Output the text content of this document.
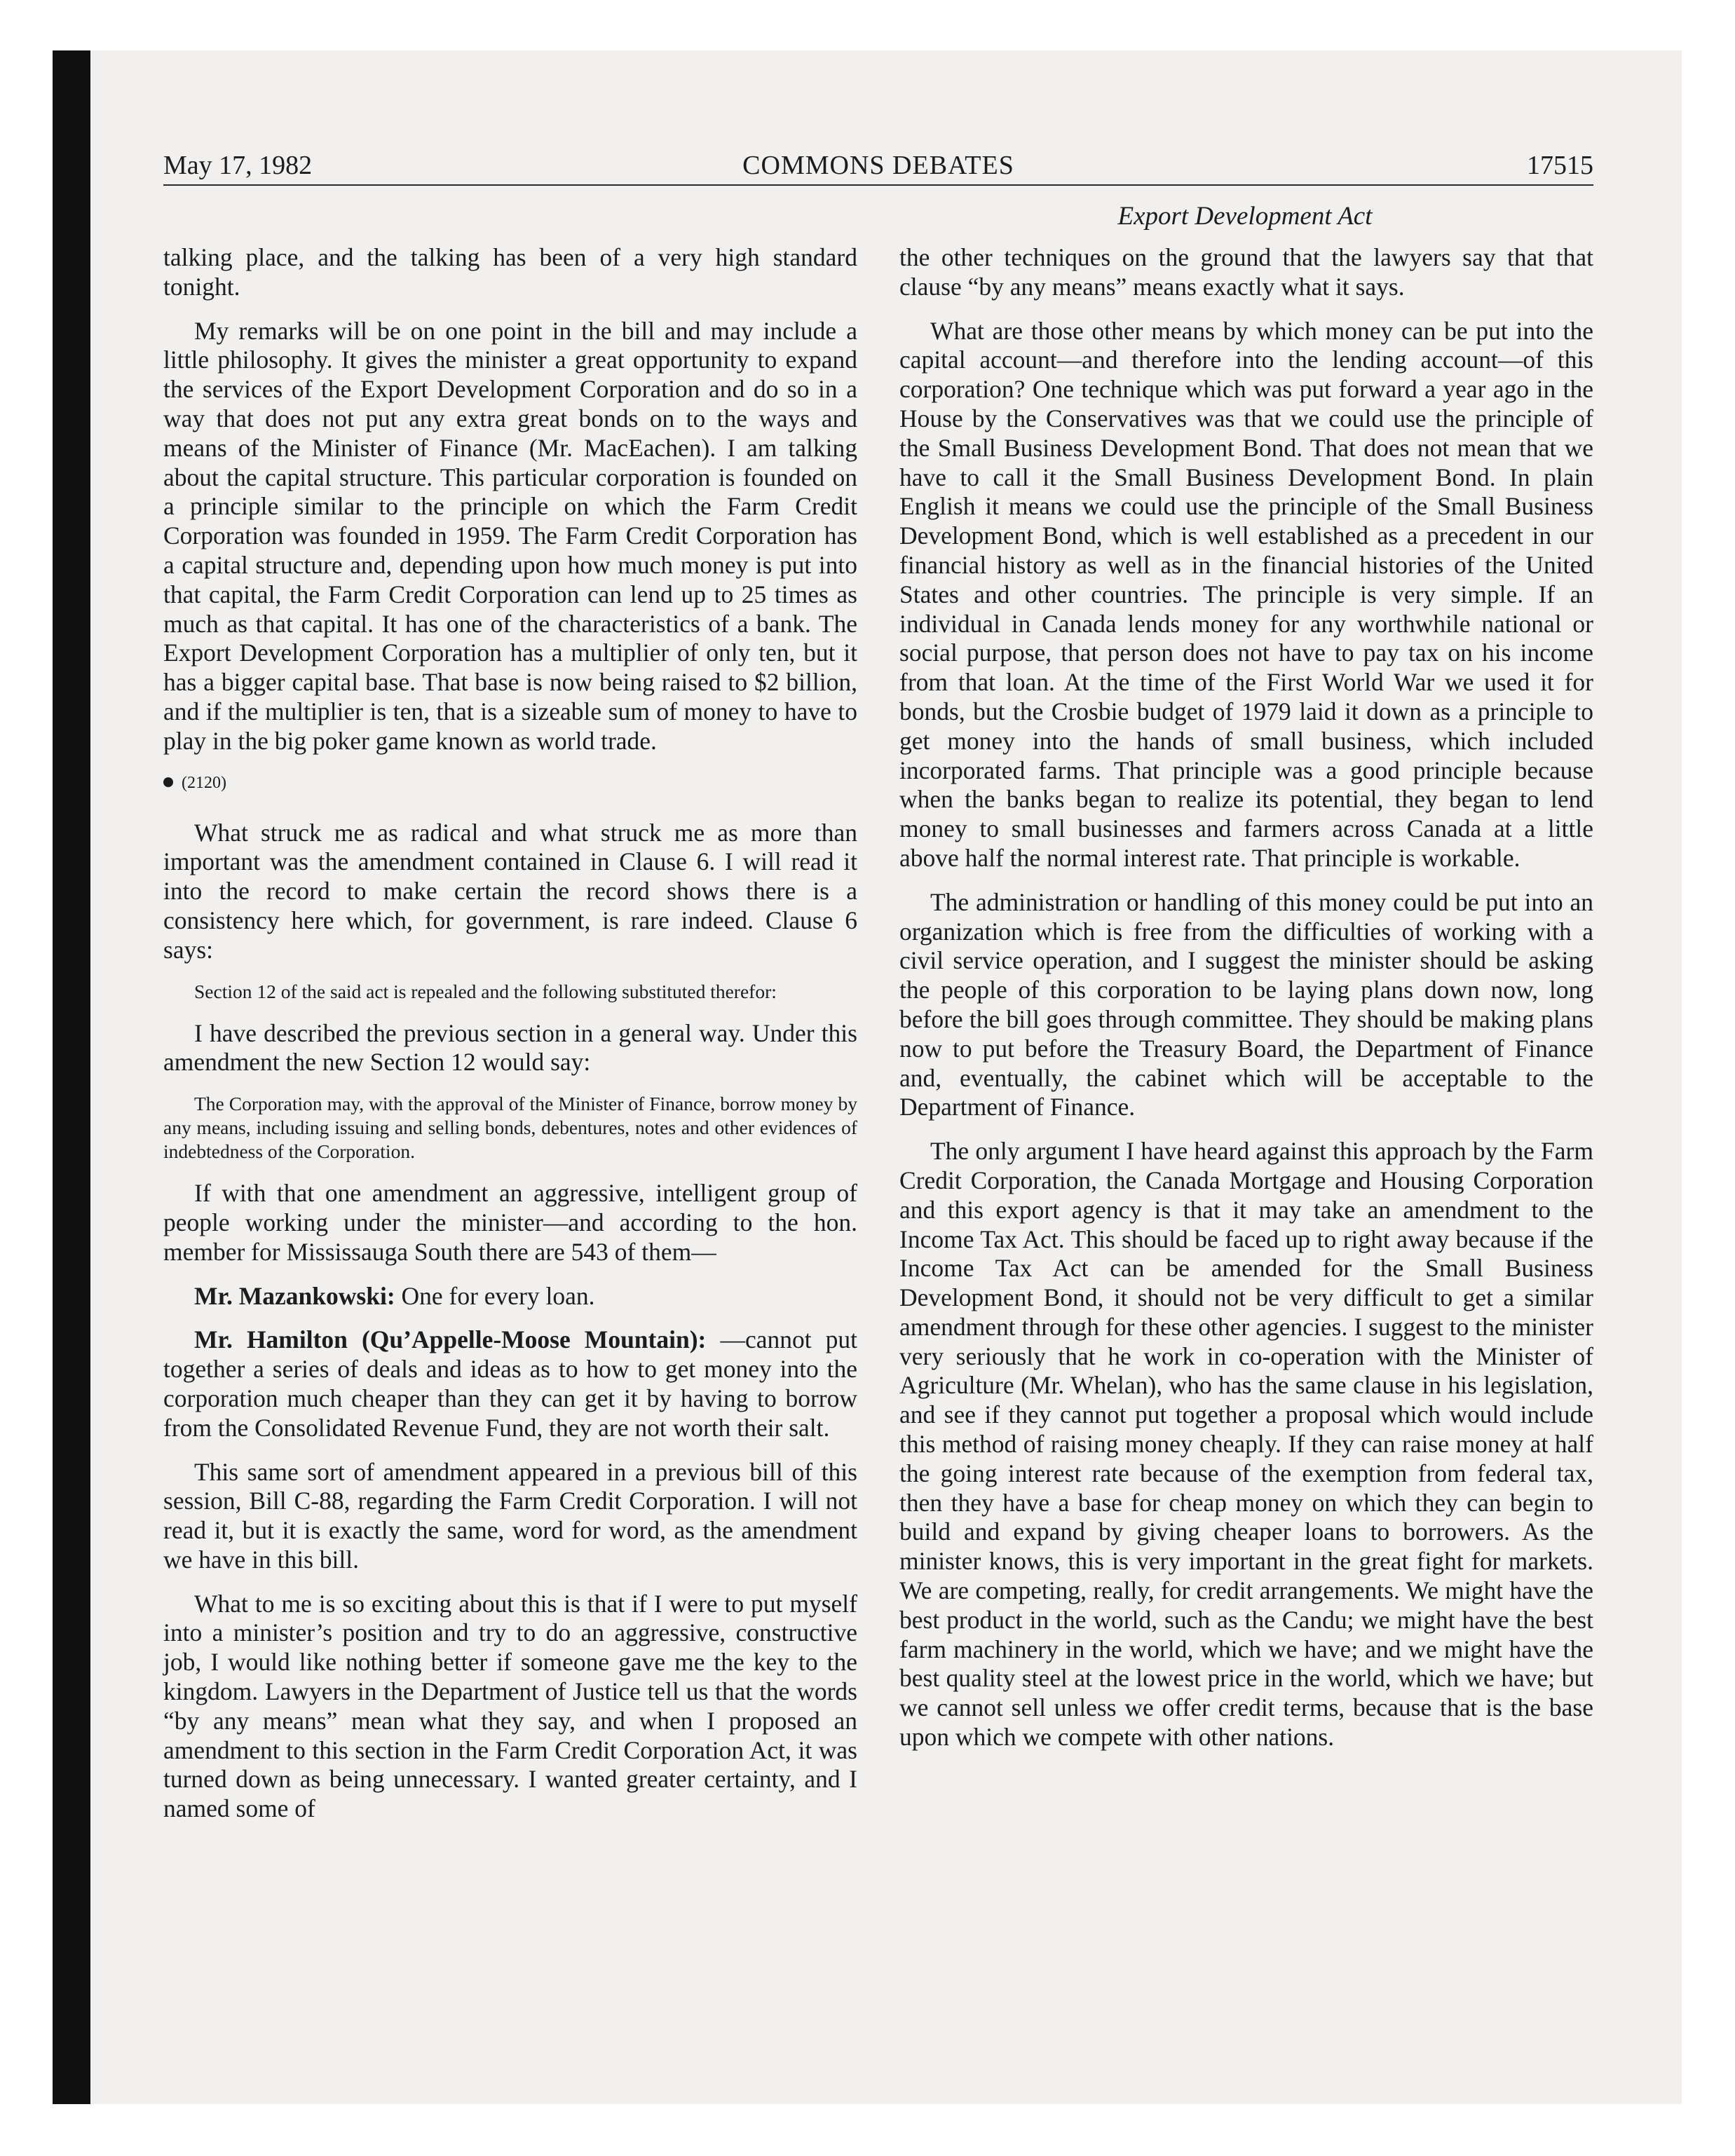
May 17, 1982	COMMONS DEBATES	17515
Export Development Act

talking place, and the talking has been of a very high standard tonight.

My remarks will be on one point in the bill and may include a little philosophy. It gives the minister a great opportunity to expand the services of the Export Development Corporation and do so in a way that does not put any extra great bonds on to the ways and means of the Minister of Finance (Mr. MacEachen). I am talking about the capital structure. This particular corporation is founded on a principle similar to the principle on which the Farm Credit Corporation was founded in 1959. The Farm Credit Corporation has a capital structure and, depending upon how much money is put into that capital, the Farm Credit Corporation can lend up to 25 times as much as that capital. It has one of the characteristics of a bank. The Export Development Corporation has a multiplier of only ten, but it has a bigger capital base. That base is now being raised to $2 billion, and if the multiplier is ten, that is a sizeable sum of money to have to play in the big poker game known as world trade.

(2120)

What struck me as radical and what struck me as more than important was the amendment contained in Clause 6. I will read it into the record to make certain the record shows there is a consistency here which, for government, is rare indeed. Clause 6 says:

Section 12 of the said act is repealed and the following substituted therefor:

I have described the previous section in a general way. Under this amendment the new Section 12 would say:

The Corporation may, with the approval of the Minister of Finance, borrow money by any means, including issuing and selling bonds, debentures, notes and other evidences of indebtedness of the Corporation.

If with that one amendment an aggressive, intelligent group of people working under the minister—and according to the hon. member for Mississauga South there are 543 of them—

Mr. Mazankowski: One for every loan.

Mr. Hamilton (Qu’Appelle-Moose Mountain): —cannot put together a series of deals and ideas as to how to get money into the corporation much cheaper than they can get it by having to borrow from the Consolidated Revenue Fund, they are not worth their salt.

This same sort of amendment appeared in a previous bill of this session, Bill C-88, regarding the Farm Credit Corporation. I will not read it, but it is exactly the same, word for word, as the amendment we have in this bill.

What to me is so exciting about this is that if I were to put myself into a minister’s position and try to do an aggressive, constructive job, I would like nothing better if someone gave me the key to the kingdom. Lawyers in the Department of Justice tell us that the words “by any means” mean what they say, and when I proposed an amendment to this section in the Farm Credit Corporation Act, it was turned down as being unnecessary. I wanted greater certainty, and I named some of

the other techniques on the ground that the lawyers say that that clause “by any means” means exactly what it says.

What are those other means by which money can be put into the capital account—and therefore into the lending account—of this corporation? One technique which was put forward a year ago in the House by the Conservatives was that we could use the principle of the Small Business Development Bond. That does not mean that we have to call it the Small Business Development Bond. In plain English it means we could use the principle of the Small Business Development Bond, which is well established as a precedent in our financial history as well as in the financial histories of the United States and other countries. The principle is very simple. If an individual in Canada lends money for any worthwhile national or social purpose, that person does not have to pay tax on his income from that loan. At the time of the First World War we used it for bonds, but the Crosbie budget of 1979 laid it down as a principle to get money into the hands of small business, which included incorporated farms. That principle was a good principle because when the banks began to realize its potential, they began to lend money to small businesses and farmers across Canada at a little above half the normal interest rate. That principle is workable.

The administration or handling of this money could be put into an organization which is free from the difficulties of working with a civil service operation, and I suggest the minister should be asking the people of this corporation to be laying plans down now, long before the bill goes through committee. They should be making plans now to put before the Treasury Board, the Department of Finance and, eventually, the cabinet which will be acceptable to the Department of Finance.

The only argument I have heard against this approach by the Farm Credit Corporation, the Canada Mortgage and Housing Corporation and this export agency is that it may take an amendment to the Income Tax Act. This should be faced up to right away because if the Income Tax Act can be amended for the Small Business Development Bond, it should not be very difficult to get a similar amendment through for these other agencies. I suggest to the minister very seriously that he work in co-operation with the Minister of Agriculture (Mr. Whelan), who has the same clause in his legislation, and see if they cannot put together a proposal which would include this method of raising money cheaply. If they can raise money at half the going interest rate because of the exemption from federal tax, then they have a base for cheap money on which they can begin to build and expand by giving cheaper loans to borrowers. As the minister knows, this is very important in the great fight for markets. We are competing, really, for credit arrangements. We might have the best product in the world, such as the Candu; we might have the best farm machinery in the world, which we have; and we might have the best quality steel at the lowest price in the world, which we have; but we cannot sell unless we offer credit terms, because that is the base upon which we compete with other nations.
